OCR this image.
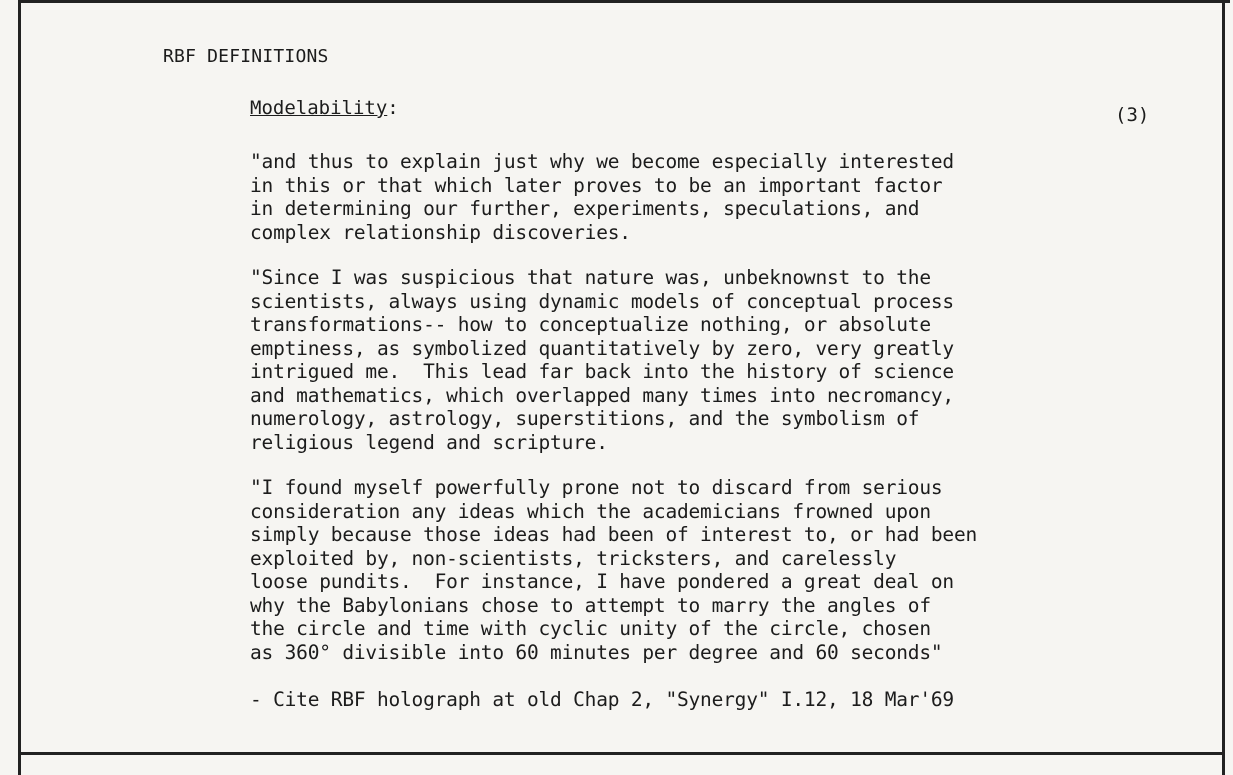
RBF DEFINITIONS
Modelability:	(3)
"and thus to explain just why we become especially interested
in this or that which later proves to be an important factor
in determining our further, experiments, speculations, and
complex relationship discoveries.
"Since I was suspicious that nature was, unbeknownst to the
scientists, always using dynamic models of conceptual process
transformations-- how to conceptualize nothing, or absolute
emptiness, as symbolized quantitatively by zero, very greatly
intrigued me.  This lead far back into the history of science
and mathematics, which overlapped many times into necromancy,
numerology, astrology, superstitions, and the symbolism of
religious legend and scripture.
"I found myself powerfully prone not to discard from serious
consideration any ideas which the academicians frowned upon
simply because those ideas had been of interest to, or had been
exploited by, non-scientists, tricksters, and carelessly
loose pundits.  For instance, I have pondered a great deal on
why the Babylonians chose to attempt to marry the angles of
the circle and time with cyclic unity of the circle, chosen
as 360° divisible into 60 minutes per degree and 60 seconds"
- Cite RBF holograph at old Chap 2, "Synergy" I.12, 18 Mar'69
